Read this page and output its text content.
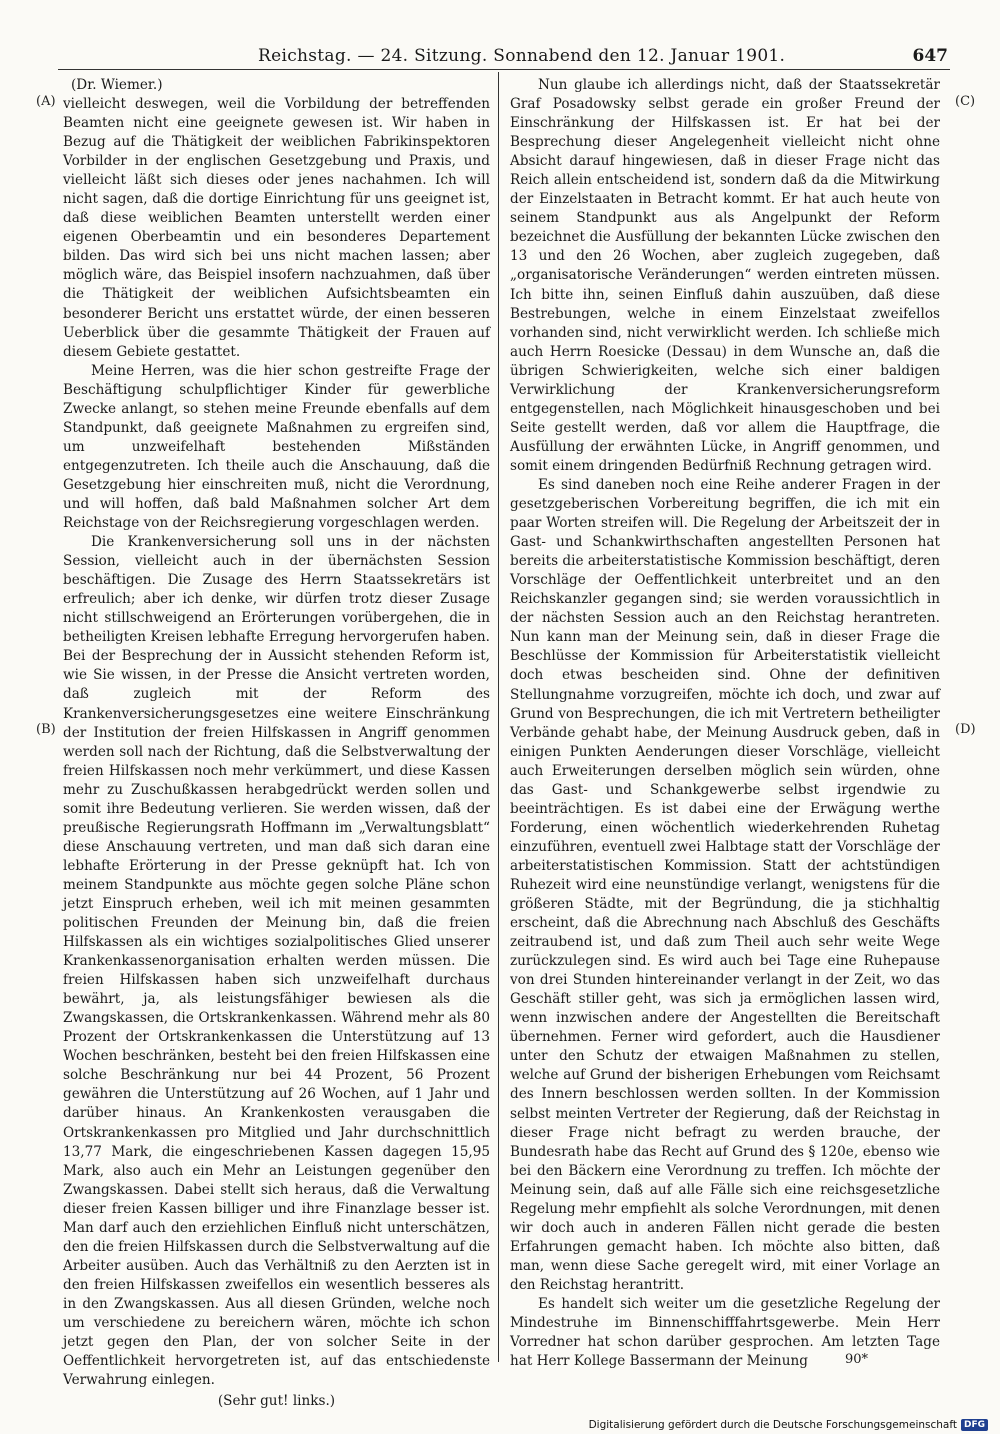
Reichstag. — 24. Sitzung. Sonnabend den 12. Januar 1901.	647
(A)
(B)
(C)
(D)
(Dr. Wiemer.)

vielleicht deswegen, weil die Vorbildung der betreffenden Beamten nicht eine geeignete gewesen ist. Wir haben in Bezug auf die Thätigkeit der weiblichen Fabrikinspektoren Vorbilder in der englischen Gesetzgebung und Praxis, und vielleicht läßt sich dieses oder jenes nachahmen. Ich will nicht sagen, daß die dortige Einrichtung für uns geeignet ist, daß diese weiblichen Beamten unterstellt werden einer eigenen Oberbeamtin und ein besonderes Departement bilden. Das wird sich bei uns nicht machen lassen; aber möglich wäre, das Beispiel insofern nachzuahmen, daß über die Thätigkeit der weiblichen Aufsichtsbeamten ein besonderer Bericht uns erstattet würde, der einen besseren Ueberblick über die gesammte Thätigkeit der Frauen auf diesem Gebiete gestattet.

Meine Herren, was die hier schon gestreifte Frage der Beschäftigung schulpflichtiger Kinder für gewerbliche Zwecke anlangt, so stehen meine Freunde ebenfalls auf dem Standpunkt, daß geeignete Maßnahmen zu ergreifen sind, um unzweifelhaft bestehenden Mißständen entgegenzutreten. Ich theile auch die Anschauung, daß die Gesetzgebung hier einschreiten muß, nicht die Verordnung, und will hoffen, daß bald Maßnahmen solcher Art dem Reichstage von der Reichsregierung vorgeschlagen werden.

Die Krankenversicherung soll uns in der nächsten Session, vielleicht auch in der übernächsten Session beschäftigen. Die Zusage des Herrn Staatssekretärs ist erfreulich; aber ich denke, wir dürfen trotz dieser Zusage nicht stillschweigend an Erörterungen vorübergehen, die in betheiligten Kreisen lebhafte Erregung hervorgerufen haben. Bei der Besprechung der in Aussicht stehenden Reform ist, wie Sie wissen, in der Presse die Ansicht vertreten worden, daß zugleich mit der Reform des Krankenversicherungsgesetzes eine weitere Einschränkung der Institution der freien Hilfskassen in Angriff genommen werden soll nach der Richtung, daß die Selbstverwaltung der freien Hilfskassen noch mehr verkümmert, und diese Kassen mehr zu Zuschußkassen herabgedrückt werden sollen und somit ihre Bedeutung verlieren. Sie werden wissen, daß der preußische Regierungsrath Hoffmann im „Verwaltungsblatt“ diese Anschauung vertreten, und man daß sich daran eine lebhafte Erörterung in der Presse geknüpft hat. Ich von meinem Standpunkte aus möchte gegen solche Pläne schon jetzt Einspruch erheben, weil ich mit meinen gesammten politischen Freunden der Meinung bin, daß die freien Hilfskassen als ein wichtiges sozialpolitisches Glied unserer Krankenkassenorganisation erhalten werden müssen. Die freien Hilfskassen haben sich unzweifelhaft durchaus bewährt, ja, als leistungsfähiger bewiesen als die Zwangskassen, die Ortskrankenkassen. Während mehr als 80 Prozent der Ortskrankenkassen die Unterstützung auf 13 Wochen beschränken, besteht bei den freien Hilfskassen eine solche Beschränkung nur bei 44 Prozent, 56 Prozent gewähren die Unterstützung auf 26 Wochen, auf 1 Jahr und darüber hinaus. An Krankenkosten verausgaben die Ortskrankenkassen pro Mitglied und Jahr durchschnittlich 13,77 Mark, die eingeschriebenen Kassen dagegen 15,95 Mark, also auch ein Mehr an Leistungen gegenüber den Zwangskassen. Dabei stellt sich heraus, daß die Verwaltung dieser freien Kassen billiger und ihre Finanzlage besser ist. Man darf auch den erziehlichen Einfluß nicht unterschätzen, den die freien Hilfskassen durch die Selbstverwaltung auf die Arbeiter ausüben. Auch das Verhältniß zu den Aerzten ist in den freien Hilfskassen zweifellos ein wesentlich besseres als in den Zwangskassen. Aus all diesen Gründen, welche noch um verschiedene zu bereichern wären, möchte ich schon jetzt gegen den Plan, der von solcher Seite in der Oeffentlichkeit hervorgetreten ist, auf das entschiedenste Verwahrung einlegen.

(Sehr gut! links.)

Nun glaube ich allerdings nicht, daß der Staatssekretär Graf Posadowsky selbst gerade ein großer Freund der Einschränkung der Hilfskassen ist. Er hat bei der Besprechung dieser Angelegenheit vielleicht nicht ohne Absicht darauf hingewiesen, daß in dieser Frage nicht das Reich allein entscheidend ist, sondern daß da die Mitwirkung der Einzelstaaten in Betracht kommt. Er hat auch heute von seinem Standpunkt aus als Angelpunkt der Reform bezeichnet die Ausfüllung der bekannten Lücke zwischen den 13 und den 26 Wochen, aber zugleich zugegeben, daß „organisatorische Veränderungen“ werden eintreten müssen. Ich bitte ihn, seinen Einfluß dahin auszuüben, daß diese Bestrebungen, welche in einem Einzelstaat zweifellos vorhanden sind, nicht verwirklicht werden. Ich schließe mich auch Herrn Roesicke (Dessau) in dem Wunsche an, daß die übrigen Schwierigkeiten, welche sich einer baldigen Verwirklichung der Krankenversicherungsreform entgegenstellen, nach Möglichkeit hinausgeschoben und bei Seite gestellt werden, daß vor allem die Hauptfrage, die Ausfüllung der erwähnten Lücke, in Angriff genommen, und somit einem dringenden Bedürfniß Rechnung getragen wird.

Es sind daneben noch eine Reihe anderer Fragen in der gesetzgeberischen Vorbereitung begriffen, die ich mit ein paar Worten streifen will. Die Regelung der Arbeitszeit der in Gast- und Schankwirthschaften angestellten Personen hat bereits die arbeiterstatistische Kommission beschäftigt, deren Vorschläge der Oeffentlichkeit unterbreitet und an den Reichskanzler gegangen sind; sie werden voraussichtlich in der nächsten Session auch an den Reichstag herantreten. Nun kann man der Meinung sein, daß in dieser Frage die Beschlüsse der Kommission für Arbeiterstatistik vielleicht doch etwas bescheiden sind. Ohne der definitiven Stellungnahme vorzugreifen, möchte ich doch, und zwar auf Grund von Besprechungen, die ich mit Vertretern betheiligter Verbände gehabt habe, der Meinung Ausdruck geben, daß in einigen Punkten Aenderungen dieser Vorschläge, vielleicht auch Erweiterungen derselben möglich sein würden, ohne das Gast- und Schankgewerbe selbst irgendwie zu beeinträchtigen. Es ist dabei eine der Erwägung werthe Forderung, einen wöchentlich wiederkehrenden Ruhetag einzuführen, eventuell zwei Halbtage statt der Vorschläge der arbeiterstatistischen Kommission. Statt der achtstündigen Ruhezeit wird eine neunstündige verlangt, wenigstens für die größeren Städte, mit der Begründung, die ja stichhaltig erscheint, daß die Abrechnung nach Abschluß des Geschäfts zeitraubend ist, und daß zum Theil auch sehr weite Wege zurückzulegen sind. Es wird auch bei Tage eine Ruhepause von drei Stunden hintereinander verlangt in der Zeit, wo das Geschäft stiller geht, was sich ja ermöglichen lassen wird, wenn inzwischen andere der Angestellten die Bereitschaft übernehmen. Ferner wird gefordert, auch die Hausdiener unter den Schutz der etwaigen Maßnahmen zu stellen, welche auf Grund der bisherigen Erhebungen vom Reichsamt des Innern beschlossen werden sollten. In der Kommission selbst meinten Vertreter der Regierung, daß der Reichstag in dieser Frage nicht befragt zu werden brauche, der Bundesrath habe das Recht auf Grund des § 120e, ebenso wie bei den Bäckern eine Verordnung zu treffen. Ich möchte der Meinung sein, daß auf alle Fälle sich eine reichsgesetzliche Regelung mehr empfiehlt als solche Verordnungen, mit denen wir doch auch in anderen Fällen nicht gerade die besten Erfahrungen gemacht haben. Ich möchte also bitten, daß man, wenn diese Sache geregelt wird, mit einer Vorlage an den Reichstag herantritt.

Es handelt sich weiter um die gesetzliche Regelung der Mindestruhe im Binnenschifffahrtsgewerbe. Mein Herr Vorredner hat schon darüber gesprochen. Am letzten Tage hat Herr Kollege Bassermann der Meinung	90*
Digitalisierung gefördert durch die Deutsche Forschungsgemeinschaft DFG
